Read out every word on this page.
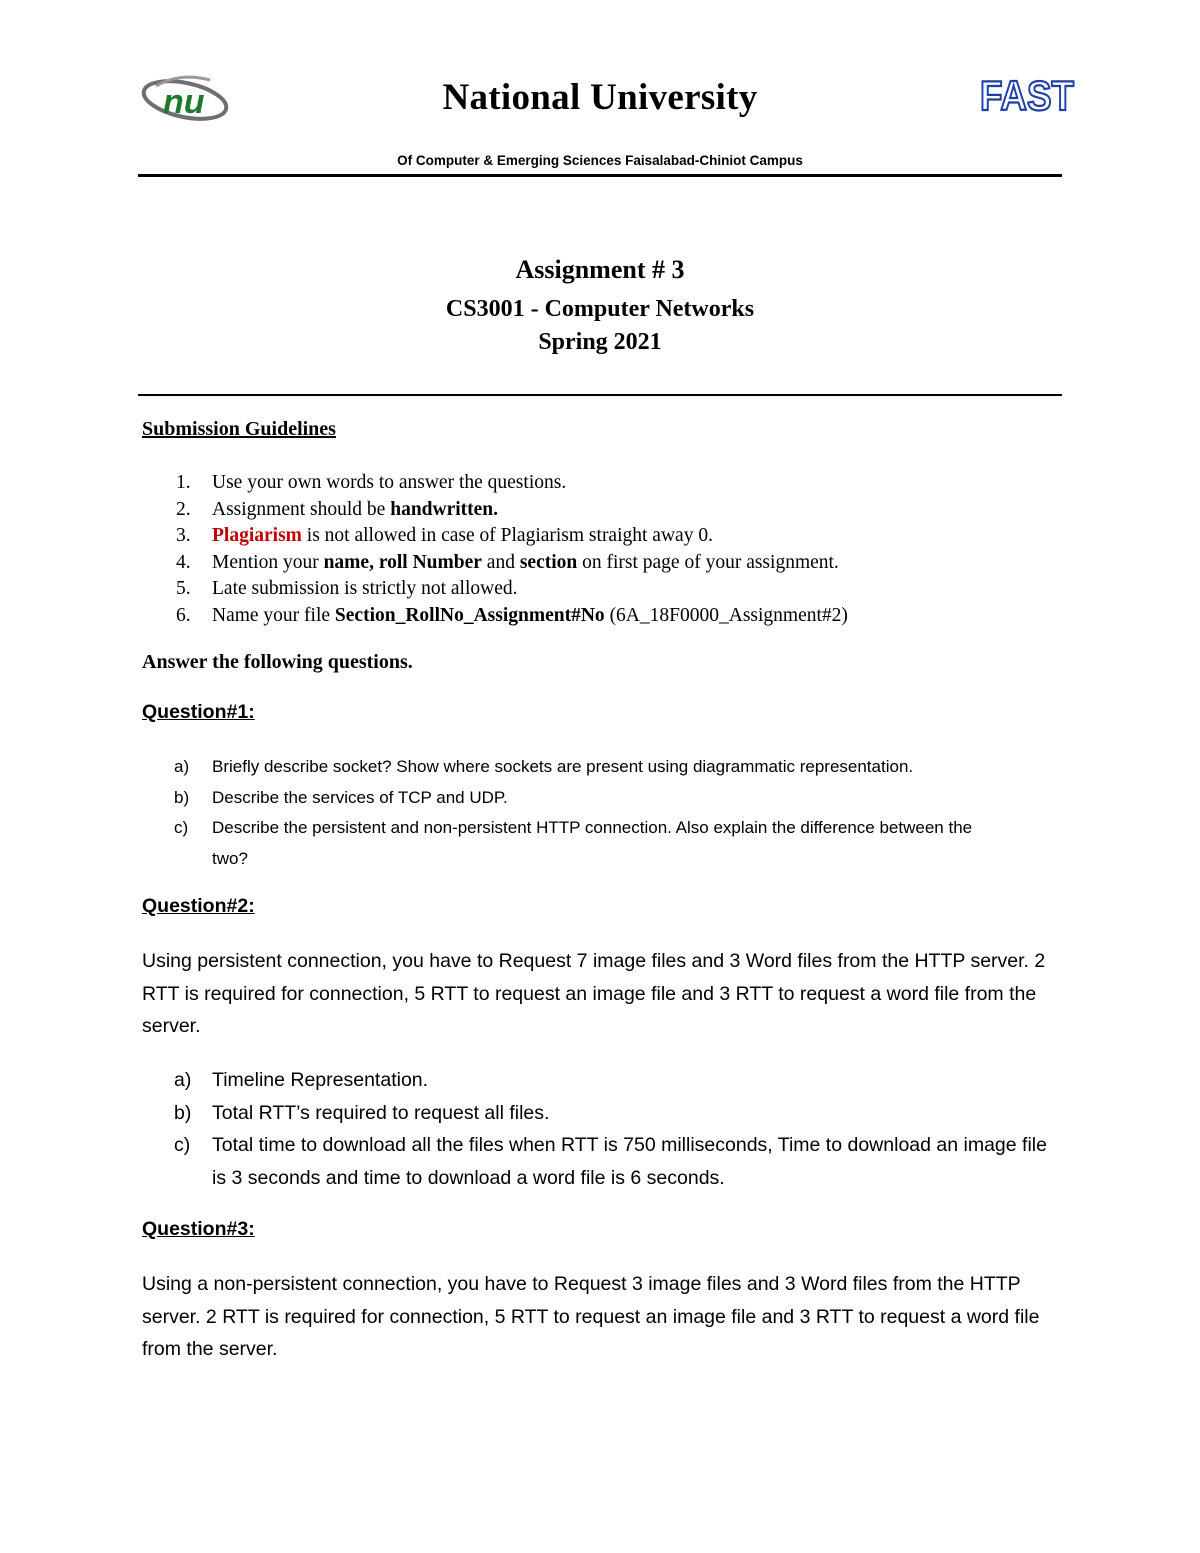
nu	National University	FAST
Of Computer & Emerging Sciences Faisalabad-Chiniot Campus
Assignment # 3
CS3001 - Computer Networks
Spring 2021
Submission Guidelines
1. Use your own words to answer the questions.
2. Assignment should be handwritten.
3. Plagiarism is not allowed in case of Plagiarism straight away 0.
4. Mention your name, roll Number and section on first page of your assignment.
5. Late submission is strictly not allowed.
6. Name your file Section_RollNo_Assignment#No (6A_18F0000_Assignment#2)
Answer the following questions.
Question#1:
a) Briefly describe socket? Show where sockets are present using diagrammatic representation.
b) Describe the services of TCP and UDP.
c) Describe the persistent and non-persistent HTTP connection. Also explain the difference between the two?
Question#2:
Using persistent connection, you have to Request 7 image files and 3 Word files from the HTTP server. 2 RTT is required for connection, 5 RTT to request an image file and 3 RTT to request a word file from the server.
a) Timeline Representation.
b) Total RTT’s required to request all files.
c) Total time to download all the files when RTT is 750 milliseconds, Time to download an image file is 3 seconds and time to download a word file is 6 seconds.
Question#3:
Using a non-persistent connection, you have to Request 3 image files and 3 Word files from the HTTP server. 2 RTT is required for connection, 5 RTT to request an image file and 3 RTT to request a word file from the server.
